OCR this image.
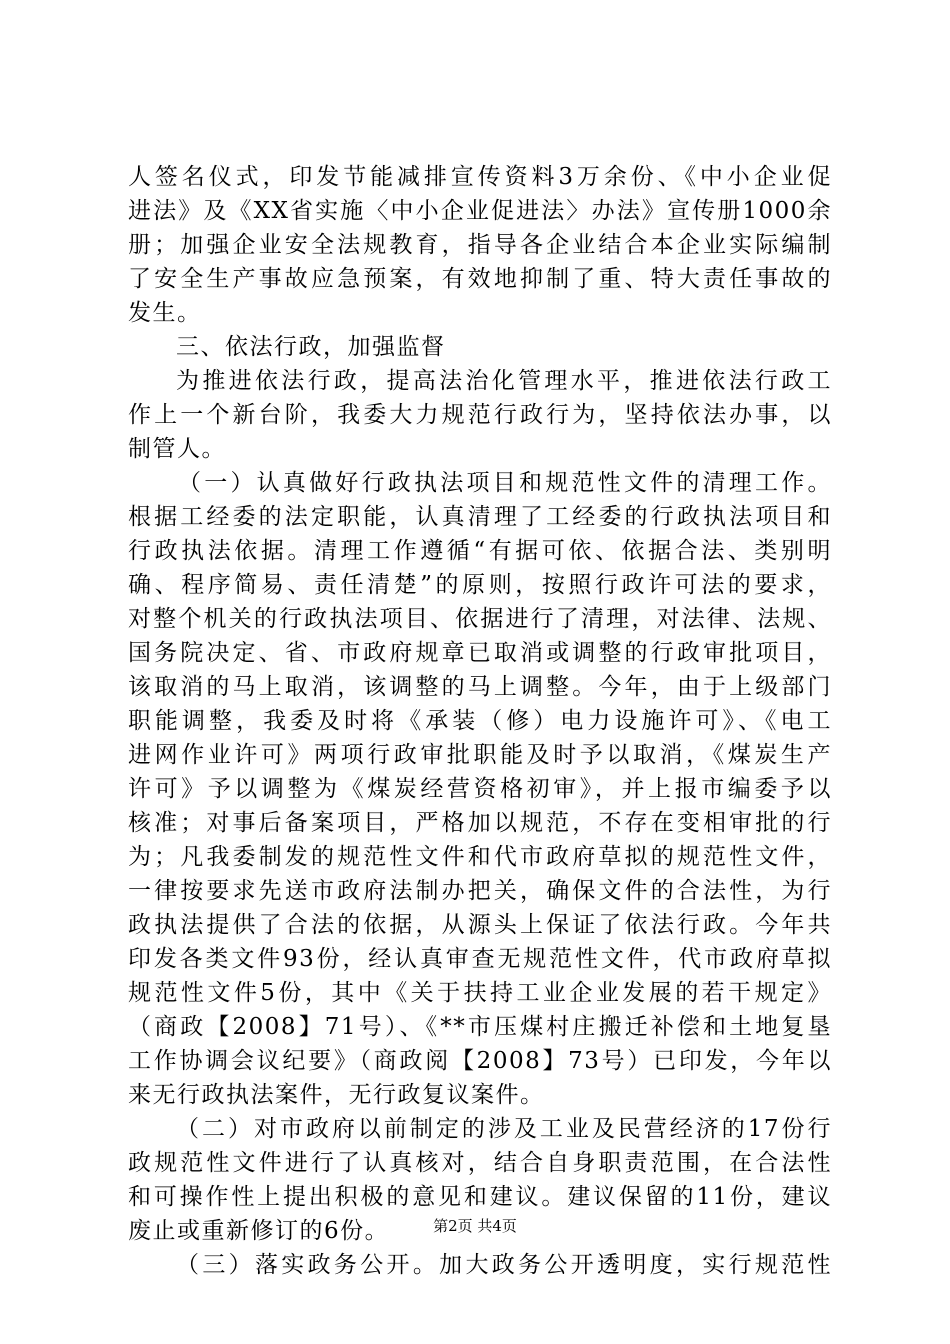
人签名仪式，印发节能减排宣传资料3万余份、《中小企业促
进法》及《XX省实施〈中小企业促进法〉办法》宣传册1000余
册；加强企业安全法规教育，指导各企业结合本企业实际编制
了安全生产事故应急预案，有效地抑制了重、特大责任事故的
发生。
三、依法行政，加强监督
为推进依法行政，提高法治化管理水平，推进依法行政工
作上一个新台阶，我委大力规范行政行为，坚持依法办事，以
制管人。
（一）认真做好行政执法项目和规范性文件的清理工作。
根据工经委的法定职能，认真清理了工经委的行政执法项目和
行政执法依据。清理工作遵循“有据可依、依据合法、类别明
确、程序简易、责任清楚”的原则，按照行政许可法的要求，
对整个机关的行政执法项目、依据进行了清理，对法律、法规、
国务院决定、省、市政府规章已取消或调整的行政审批项目，
该取消的马上取消，该调整的马上调整。今年，由于上级部门
职能调整，我委及时将《承装（修）电力设施许可》、《电工
进网作业许可》两项行政审批职能及时予以取消，《煤炭生产
许可》予以调整为《煤炭经营资格初审》，并上报市编委予以
核准；对事后备案项目，严格加以规范，不存在变相审批的行
为；凡我委制发的规范性文件和代市政府草拟的规范性文件，
一律按要求先送市政府法制办把关，确保文件的合法性，为行
政执法提供了合法的依据，从源头上保证了依法行政。今年共
印发各类文件93份，经认真审查无规范性文件，代市政府草拟
规范性文件5份，其中《关于扶持工业企业发展的若干规定》
（商政【2008】71号）、《**市压煤村庄搬迁补偿和土地复垦
工作协调会议纪要》（商政阅【2008】73号）已印发，今年以
来无行政执法案件，无行政复议案件。
（二）对市政府以前制定的涉及工业及民营经济的17份行
政规范性文件进行了认真核对，结合自身职责范围，在合法性
和可操作性上提出积极的意见和建议。建议保留的11份，建议
废止或重新修订的6份。
（三）落实政务公开。加大政务公开透明度，实行规范性
第2页 共4页
